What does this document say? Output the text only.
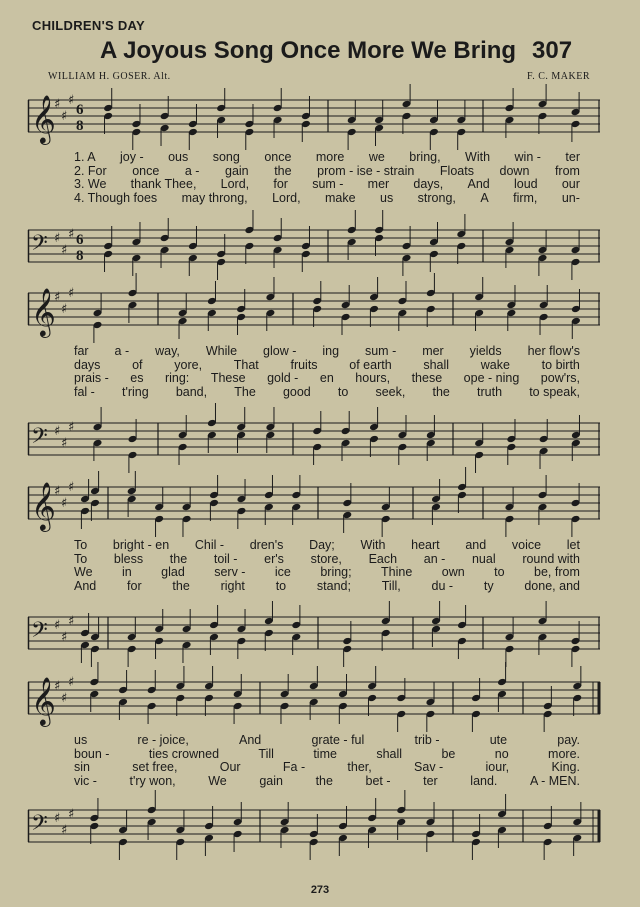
CHILDREN'S DAY
A Joyous Song Once More We Bring 307
WILLIAM H. GOSER. Alt.	F. C. MAKER
𝄞
♯
♯
♯
6
8
1. A joy - ous song once more we bring, With win - ter
2. For once a - gain the prom - ise - strain Floats down from
3. We thank Thee, Lord, for sum - mer days, And loud our
4. Though foes may throng, Lord, make us strong, A firm, un-
𝄢 ♯
♯
♯ 6
8
𝄞
♯
♯
♯
far a - way, While glow - ing sum - mer yields her flow's
days	of	yore,	That	fruits	of earth	shall	wake	to birth
prais - es ring: These gold - en hours, these ope - ning pow'rs,
fal - t'ring band, The good to seek, the truth to speak,
𝄢 ♯
♯
♯
𝄞
♯
♯
♯
To bright - en Chil - dren's Day; With heart and voice let
To bless the toil - er's store, Each an - nual round with
We in glad serv - ice bring; Thine own to be, from
And for the right to stand; Till, du - ty done, and
𝄢 ♯
♯
♯
𝄞
♯
♯
♯
us	re - joice,	And	grate - ful	trib -	ute	pay.
boun -	ties crowned	Till	time	shall	be	no	more.
sin	set free,	Our	Fa -	ther,	Sav -	iour,	King.
vic -	t'ry won,	We	gain	the	bet -	ter	land.	A - MEN.
𝄢 ♯
♯
♯
273
